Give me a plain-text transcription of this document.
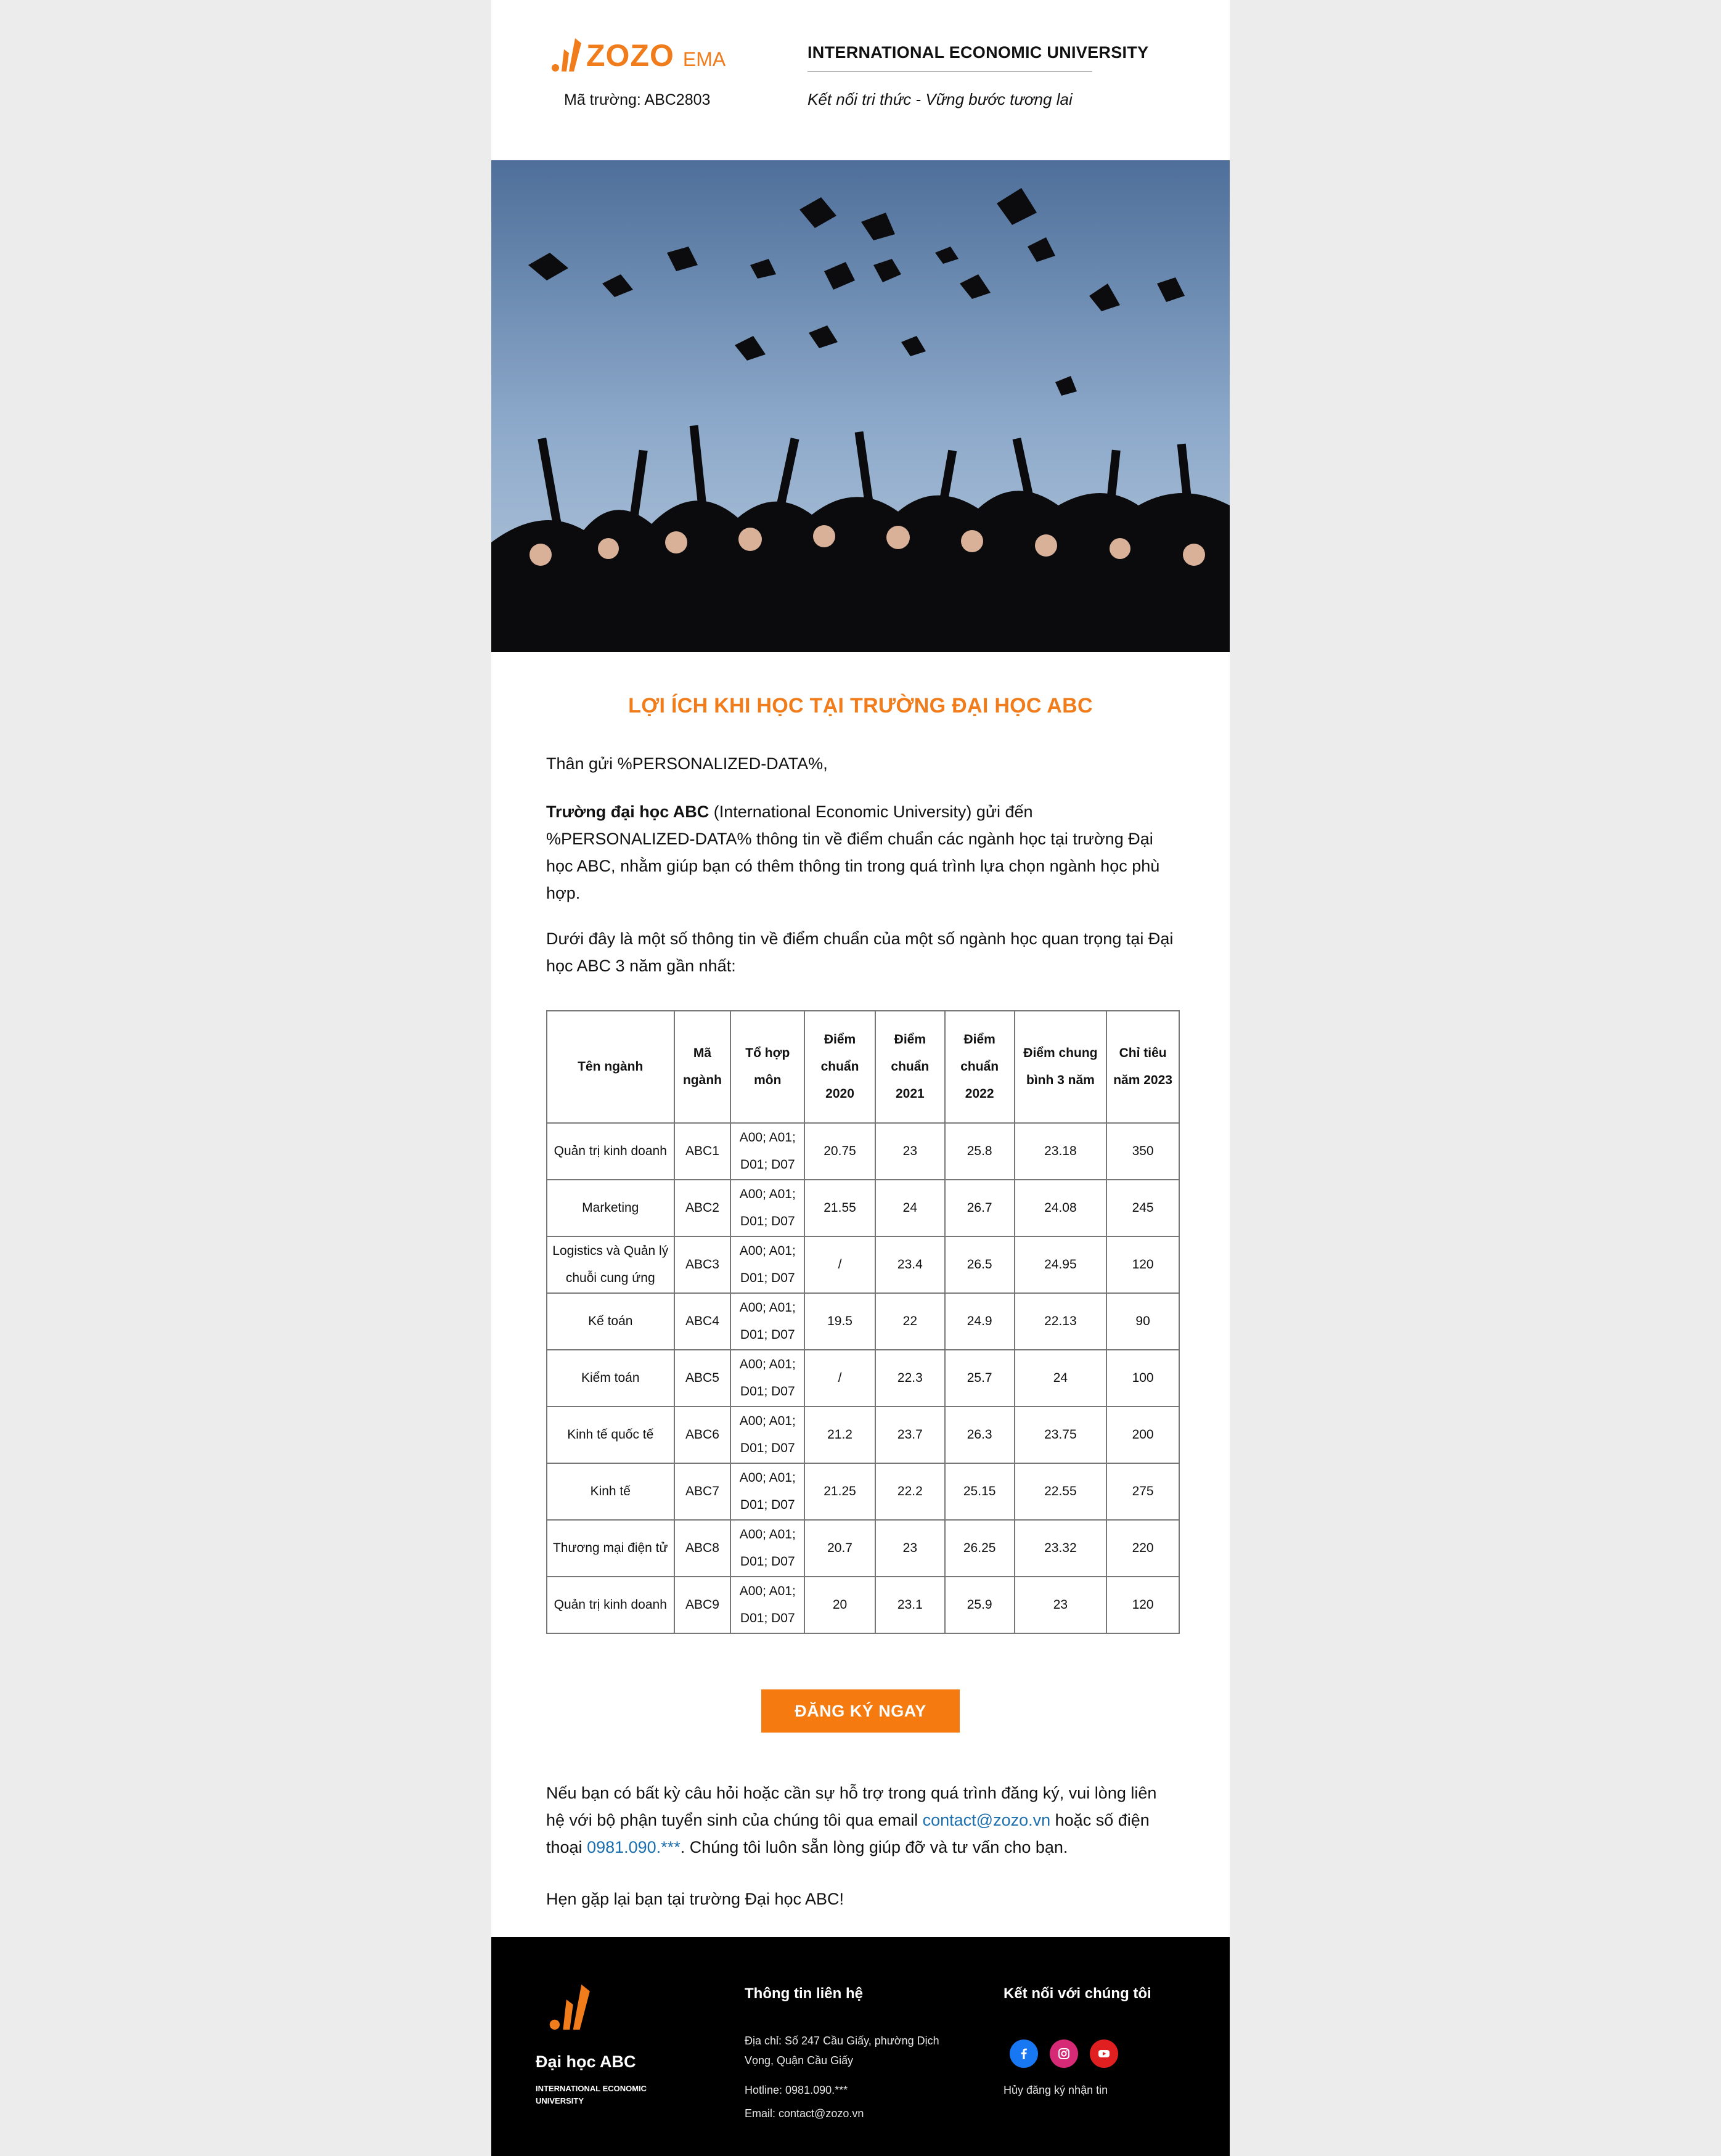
ZOZO EMA
Mã trường: ABC2803
INTERNATIONAL ECONOMIC UNIVERSITY
Kết nối tri thức - Vững bước tương lai
LỢI ÍCH KHI HỌC TẠI TRƯỜNG ĐẠI HỌC ABC

Thân gửi %PERSONALIZED-DATA%,

Trường đại học ABC (International Economic University) gửi đến %PERSONALIZED-DATA% thông tin về điểm chuẩn các ngành học tại trường Đại học ABC, nhằm giúp bạn có thêm thông tin trong quá trình lựa chọn ngành học phù hợp.

Dưới đây là một số thông tin về điểm chuẩn của một số ngành học quan trọng tại Đại học ABC 3 năm gần nhất:

Tên ngành	Mã ngành	Tổ hợp môn	Điểm chuẩn 2020	Điểm chuẩn 2021	Điểm chuẩn 2022	Điểm chung bình 3 năm	Chỉ tiêu năm 2023
Quản trị kinh doanh	ABC1	A00; A01; D01; D07	20.75	23	25.8	23.18	350
Marketing	ABC2	A00; A01; D01; D07	21.55	24	26.7	24.08	245
Logistics và Quản lý chuỗi cung ứng	ABC3	A00; A01; D01; D07	/	23.4	26.5	24.95	120
Kế toán	ABC4	A00; A01; D01; D07	19.5	22	24.9	22.13	90
Kiểm toán	ABC5	A00; A01; D01; D07	/	22.3	25.7	24	100
Kinh tế quốc tế	ABC6	A00; A01; D01; D07	21.2	23.7	26.3	23.75	200
Kinh tế	ABC7	A00; A01; D01; D07	21.25	22.2	25.15	22.55	275
Thương mại điện tử	ABC8	A00; A01; D01; D07	20.7	23	26.25	23.32	220
Quản trị kinh doanh	ABC9	A00; A01; D01; D07	20	23.1	25.9	23	120
ĐĂNG KÝ NGAY

Nếu bạn có bất kỳ câu hỏi hoặc cần sự hỗ trợ trong quá trình đăng ký, vui lòng liên hệ với bộ phận tuyển sinh của chúng tôi qua email contact@zozo.vn hoặc số điện thoại 0981.090.***. Chúng tôi luôn sẵn lòng giúp đỡ và tư vấn cho bạn.

Hẹn gặp lại bạn tại trường Đại học ABC!

Đại học ABC
INTERNATIONAL ECONOMIC UNIVERSITY
Thông tin liên hệ
Địa chỉ: Số 247 Cầu Giấy, phường Dịch Vọng, Quận Cầu Giấy
Hotline: 0981.090.***
Email: contact@zozo.vn
Kết nối với chúng tôi
Hủy đăng ký nhận tin
